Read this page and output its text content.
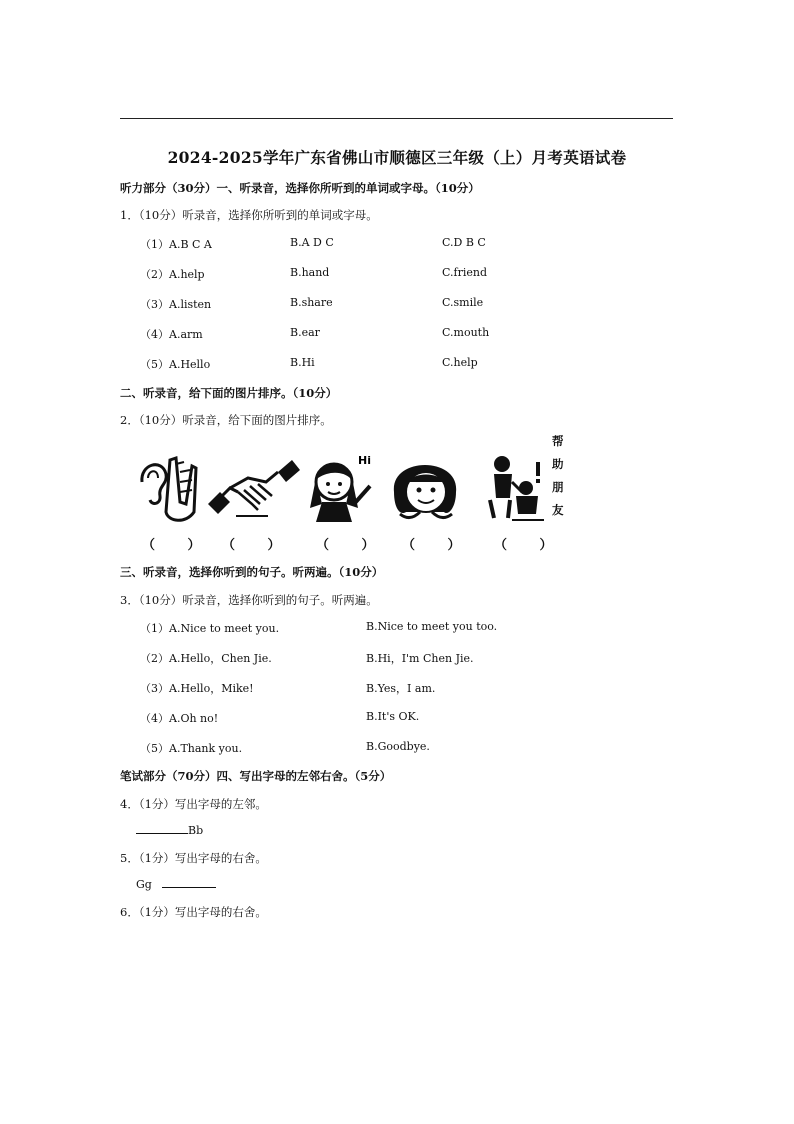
2024-2025学年广东省佛山市顺德区三年级（上）月考英语试卷
听力部分（30分）一、听录音，选择你所听到的单词或字母。（10分）
1．（10分）听录音，选择你所听到的单词或字母。
（1）A.B C A	B.A D C	C.D B C
（2）A.help	B.hand	C.friend
（3）A.listen	B.share	C.smile
（4）A.arm	B.ear	C.mouth
（5）A.Hello	B.Hi	C.help
二、听录音，给下面的图片排序。（10分）
2．（10分）听录音，给下面的图片排序。
Hi
帮
助
朋
友
（ ） （ ） （ ） （ ） （ ）
三、听录音，选择你听到的句子。听两遍。（10分）
3．（10分）听录音，选择你听到的句子。听两遍。
（1）A.Nice to meet you.	B.Nice to meet you too.
（2）A.Hello，Chen Jie.	B.Hi，I'm Chen Jie.
（3）A.Hello，Mike!	B.Yes，I am.
（4）A.Oh no!	B.It's OK.
（5）A.Thank you.	B.Goodbye.
笔试部分（70分）四、写出字母的左邻右舍。（5分）
4．（1分）写出字母的左邻。
Bb
5．（1分）写出字母的右舍。
Gg
6．（1分）写出字母的右舍。
